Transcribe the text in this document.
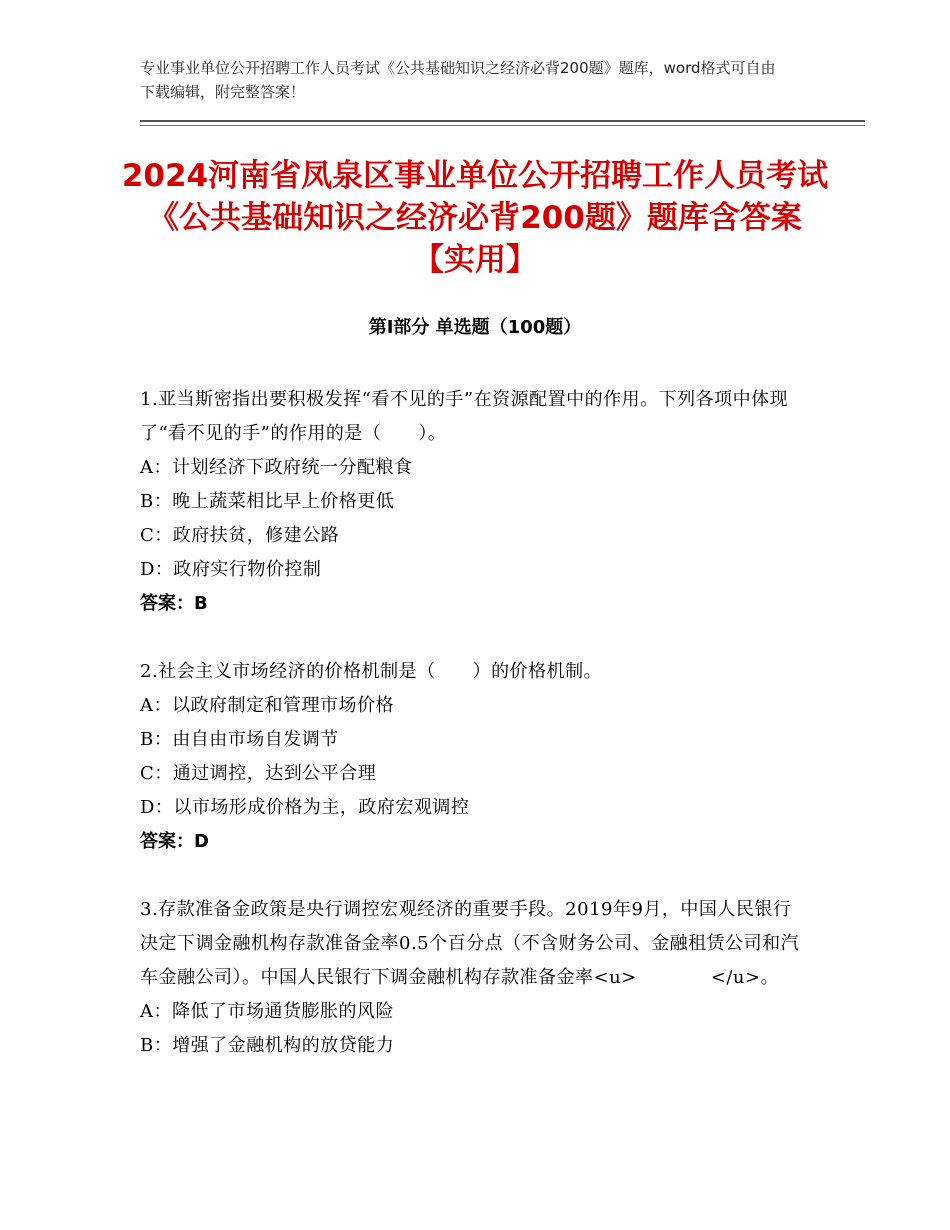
专业事业单位公开招聘工作人员考试《公共基础知识之经济必背200题》题库，word格式可自由下载编辑，附完整答案！
2024河南省凤泉区事业单位公开招聘工作人员考试《公共基础知识之经济必背200题》题库含答案【实用】
第Ⅰ部分 单选题（100题）

1.亚当斯密指出要积极发挥“看不见的手”在资源配置中的作用。下列各项中体现了“看不见的手”的作用的是（　　）。

A：计划经济下政府统一分配粮食

B：晚上蔬菜相比早上价格更低

C：政府扶贫，修建公路

D：政府实行物价控制

答案：B

2.社会主义市场经济的价格机制是（　　）的价格机制。

A：以政府制定和管理市场价格

B：由自由市场自发调节

C：通过调控，达到公平合理

D：以市场形成价格为主，政府宏观调控

答案：D

3.存款准备金政策是央行调控宏观经济的重要手段。2019年9月，中国人民银行决定下调金融机构存款准备金率0.5个百分点（不含财务公司、金融租赁公司和汽车金融公司）。中国人民银行下调金融机构存款准备金率<u>　　　　</u>。

A：降低了市场通货膨胀的风险

B：增强了金融机构的放贷能力
